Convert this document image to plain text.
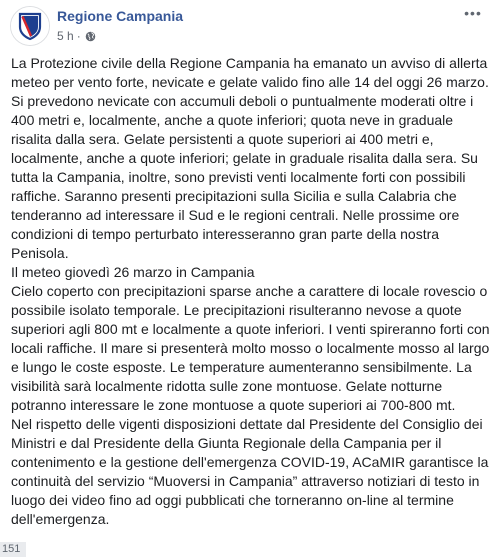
Regione Campania
5 h ·
•••

La Protezione civile della Regione Campania ha emanato un avviso di allerta meteo per vento forte, nevicate e gelate valido fino alle 14 del oggi 26 marzo. Si prevedono nevicate con accumuli deboli o puntualmente moderati oltre i 400 metri e, localmente, anche a quote inferiori; quota neve in graduale risalita dalla sera. Gelate persistenti a quote superiori ai 400 metri e, localmente, anche a quote inferiori; gelate in graduale risalita dalla sera. Su tutta la Campania, inoltre, sono previsti venti localmente forti con possibili raffiche. Saranno presenti precipitazioni sulla Sicilia e sulla Calabria che tenderanno ad interessare il Sud e le regioni centrali. Nelle prossime ore condizioni di tempo perturbato interesseranno gran parte della nostra Penisola.

Il meteo giovedì 26 marzo in Campania

Cielo coperto con precipitazioni sparse anche a carattere di locale rovescio o possibile isolato temporale. Le precipitazioni risulteranno nevose a quote superiori agli 800 mt e localmente a quote inferiori. I venti spireranno forti con locali raffiche. Il mare si presenterà molto mosso o localmente mosso al largo e lungo le coste esposte. Le temperature aumenteranno sensibilmente. La visibilità sarà localmente ridotta sulle zone montuose. Gelate notturne potranno interessare le zone montuose a quote superiori ai 700-800 mt.

Nel rispetto delle vigenti disposizioni dettate dal Presidente del Consiglio dei Ministri e dal Presidente della Giunta Regionale della Campania per il contenimento e la gestione dell'emergenza COVID-19, ACaMIR garantisce la continuità del servizio “Muoversi in Campania” attraverso notiziari di testo in luogo dei video fino ad oggi pubblicati che torneranno on-line al termine dell'emergenza.

151
